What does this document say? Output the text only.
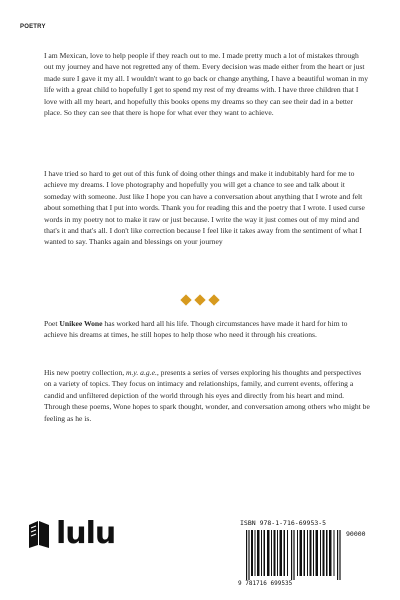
POETRY

I am Mexican, love to help people if they reach out to me. I made pretty much a lot of mistakes through out my journey and have not regretted any of them. Every decision was made either from the heart or just made sure I gave it my all. I wouldn't want to go back or change anything, I have a beautiful woman in my life with a great child to hopefully I get to spend my rest of my dreams with. I have three children that I love with all my heart, and hopefully this books opens my dreams so they can see their dad in a better place. So they can see that there is hope for what ever they want to achieve.

I have tried so hard to get out of this funk of doing other things and make it indubitably hard for me to achieve my dreams. I love photography and hopefully you will get a chance to see and talk about it someday with someone. Just like I hope you can have a conversation about anything that I wrote and felt about something that I put into words. Thank you for reading this and the poetry that I wrote. I used curse words in my poetry not to make it raw or just because. I write the way it just comes out of my mind and that's it and that's all. I don't like correction because I feel like it takes away from the sentiment of what I wanted to say. Thanks again and blessings on your journey

Poet Unikee Wone has worked hard all his life. Though circumstances have made it hard for him to achieve his dreams at times, he still hopes to help those who need it through his creations.

His new poetry collection, m.y. a.g.e., presents a series of verses exploring his thoughts and perspectives on a variety of topics. They focus on intimacy and relationships, family, and current events, offering a candid and unfiltered depiction of the world through his eyes and directly from his heart and mind. Through these poems, Wone hopes to spark thought, wonder, and conversation among others who might be feeling as he is.

lulu	ISBN 978-1-716-69953-5
90000
9 781716 699535
